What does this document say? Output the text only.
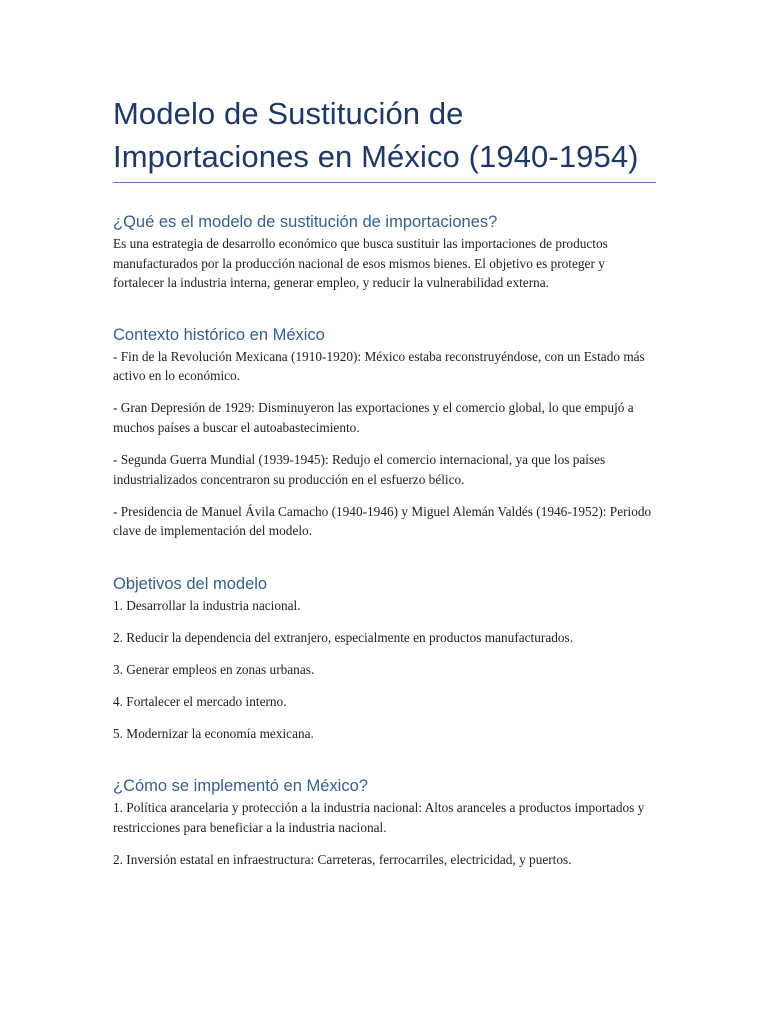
Modelo de Sustitución de
Importaciones en México (1940-1954)
¿Qué es el modelo de sustitución de importaciones?

Es una estrategia de desarrollo económico que busca sustituir las importaciones de productos manufacturados por la producción nacional de esos mismos bienes. El objetivo es proteger y fortalecer la industria interna, generar empleo, y reducir la vulnerabilidad externa.

Contexto histórico en México

- Fin de la Revolución Mexicana (1910-1920): México estaba reconstruyéndose, con un Estado más activo en lo económico.

- Gran Depresión de 1929: Disminuyeron las exportaciones y el comercio global, lo que empujó a muchos países a buscar el autoabastecimiento.

- Segunda Guerra Mundial (1939-1945): Redujo el comercio internacional, ya que los países industrializados concentraron su producción en el esfuerzo bélico.

- Presidencia de Manuel Ávila Camacho (1940-1946) y Miguel Alemán Valdés (1946-1952): Periodo clave de implementación del modelo.

Objetivos del modelo

1. Desarrollar la industria nacional.

2. Reducir la dependencia del extranjero, especialmente en productos manufacturados.

3. Generar empleos en zonas urbanas.

4. Fortalecer el mercado interno.

5. Modernizar la economía mexicana.

¿Cómo se implementó en México?

1. Política arancelaria y protección a la industria nacional: Altos aranceles a productos importados y restricciones para beneficiar a la industria nacional.

2. Inversión estatal en infraestructura: Carreteras, ferrocarriles, electricidad, y puertos.
